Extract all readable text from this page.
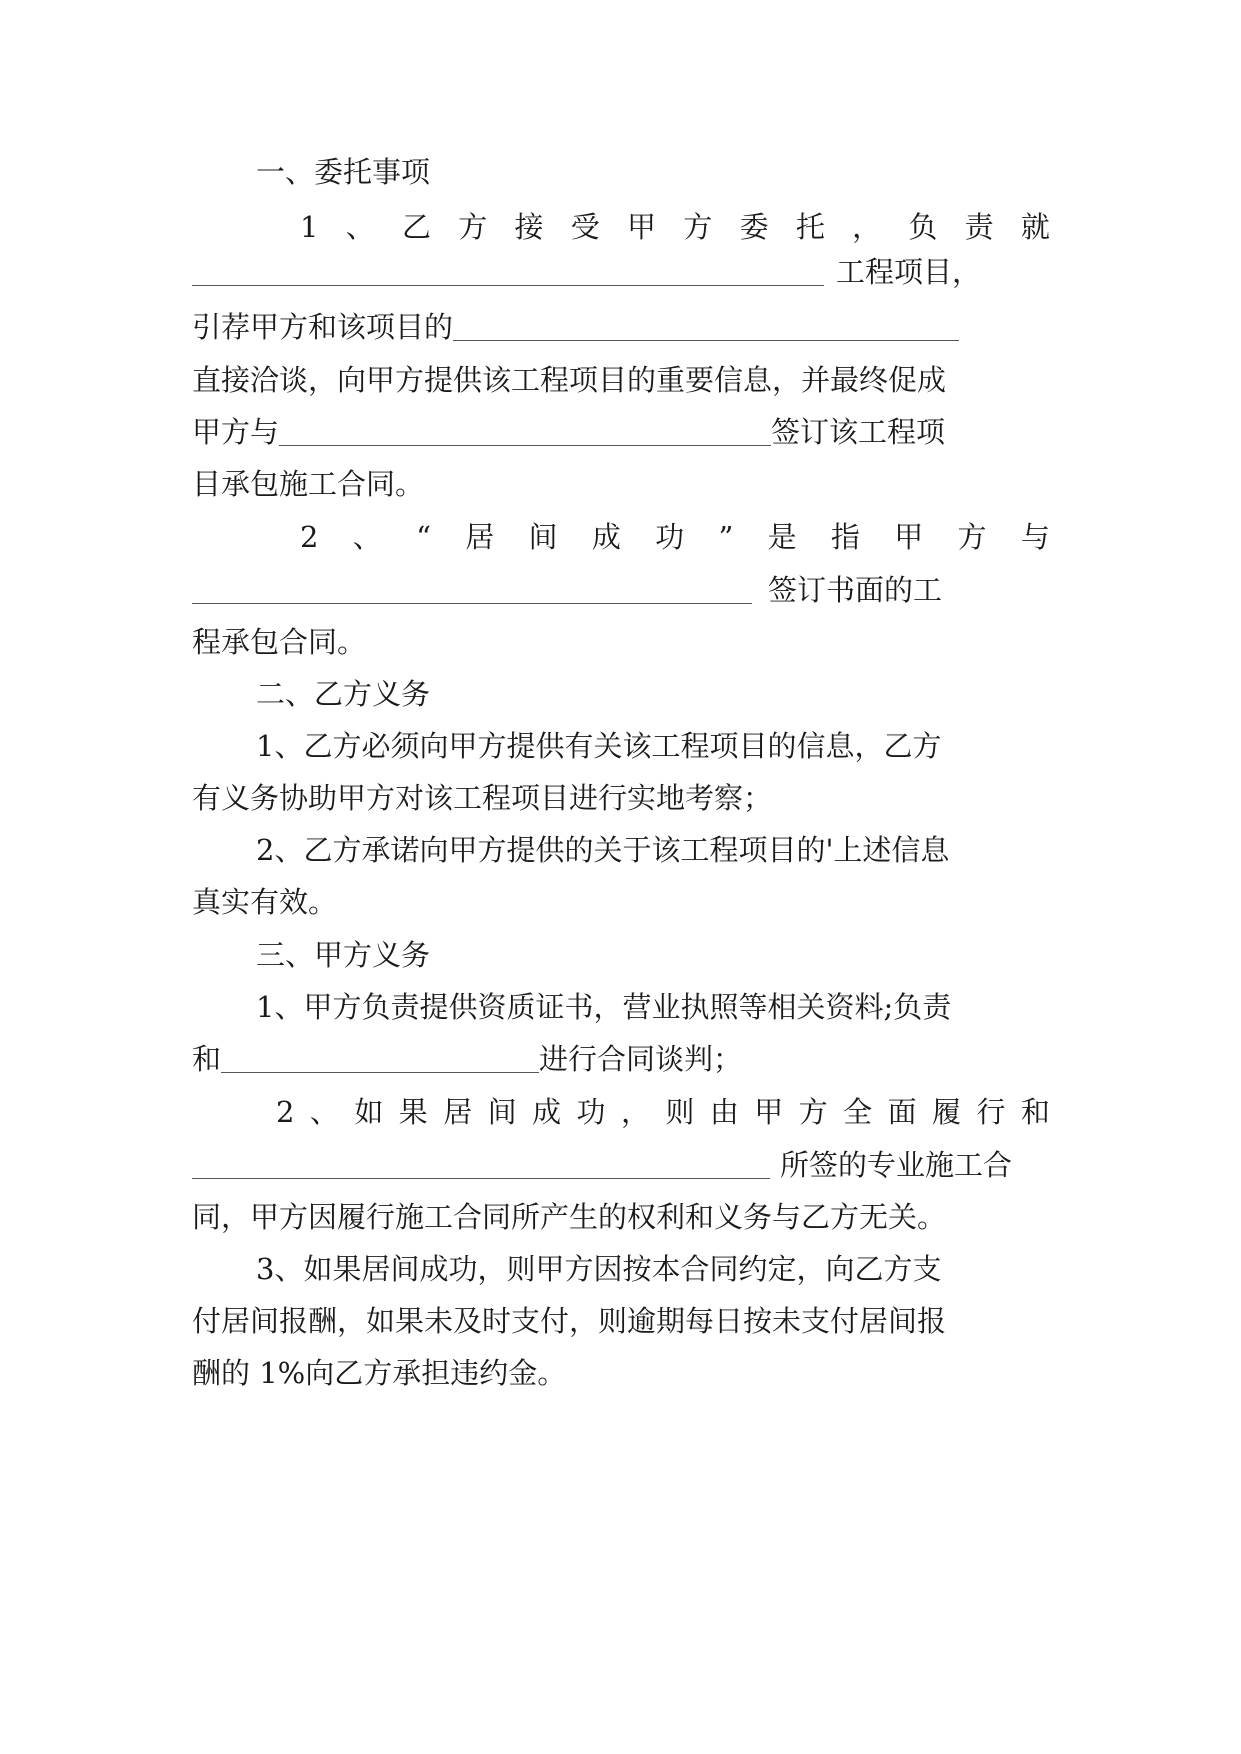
一、委托事项
1 、 乙 方 接 受 甲 方 委 托 ， 负 责 就
工程项目，
引荐甲方和该项目的
直接洽谈，向甲方提供该工程项目的重要信息，并最终促成
甲方与	签订该工程项
目承包施工合同。
2 、 “ 居 间 成 功 ” 是 指 甲 方 与
签订书面的工
程承包合同。
二、乙方义务
1、乙方必须向甲方提供有关该工程项目的信息，乙方
有义务协助甲方对该工程项目进行实地考察；
2、乙方承诺向甲方提供的关于该工程项目的'上述信息
真实有效。
三、甲方义务
1、甲方负责提供资质证书，营业执照等相关资料;负责
和	进行合同谈判；
2 、 如 果 居 间 成 功 ， 则 由 甲 方 全 面 履 行 和
所签的专业施工合
同，甲方因履行施工合同所产生的权利和义务与乙方无关。
3、如果居间成功，则甲方因按本合同约定，向乙方支
付居间报酬，如果未及时支付，则逾期每日按未支付居间报
酬的 1%向乙方承担违约金。
